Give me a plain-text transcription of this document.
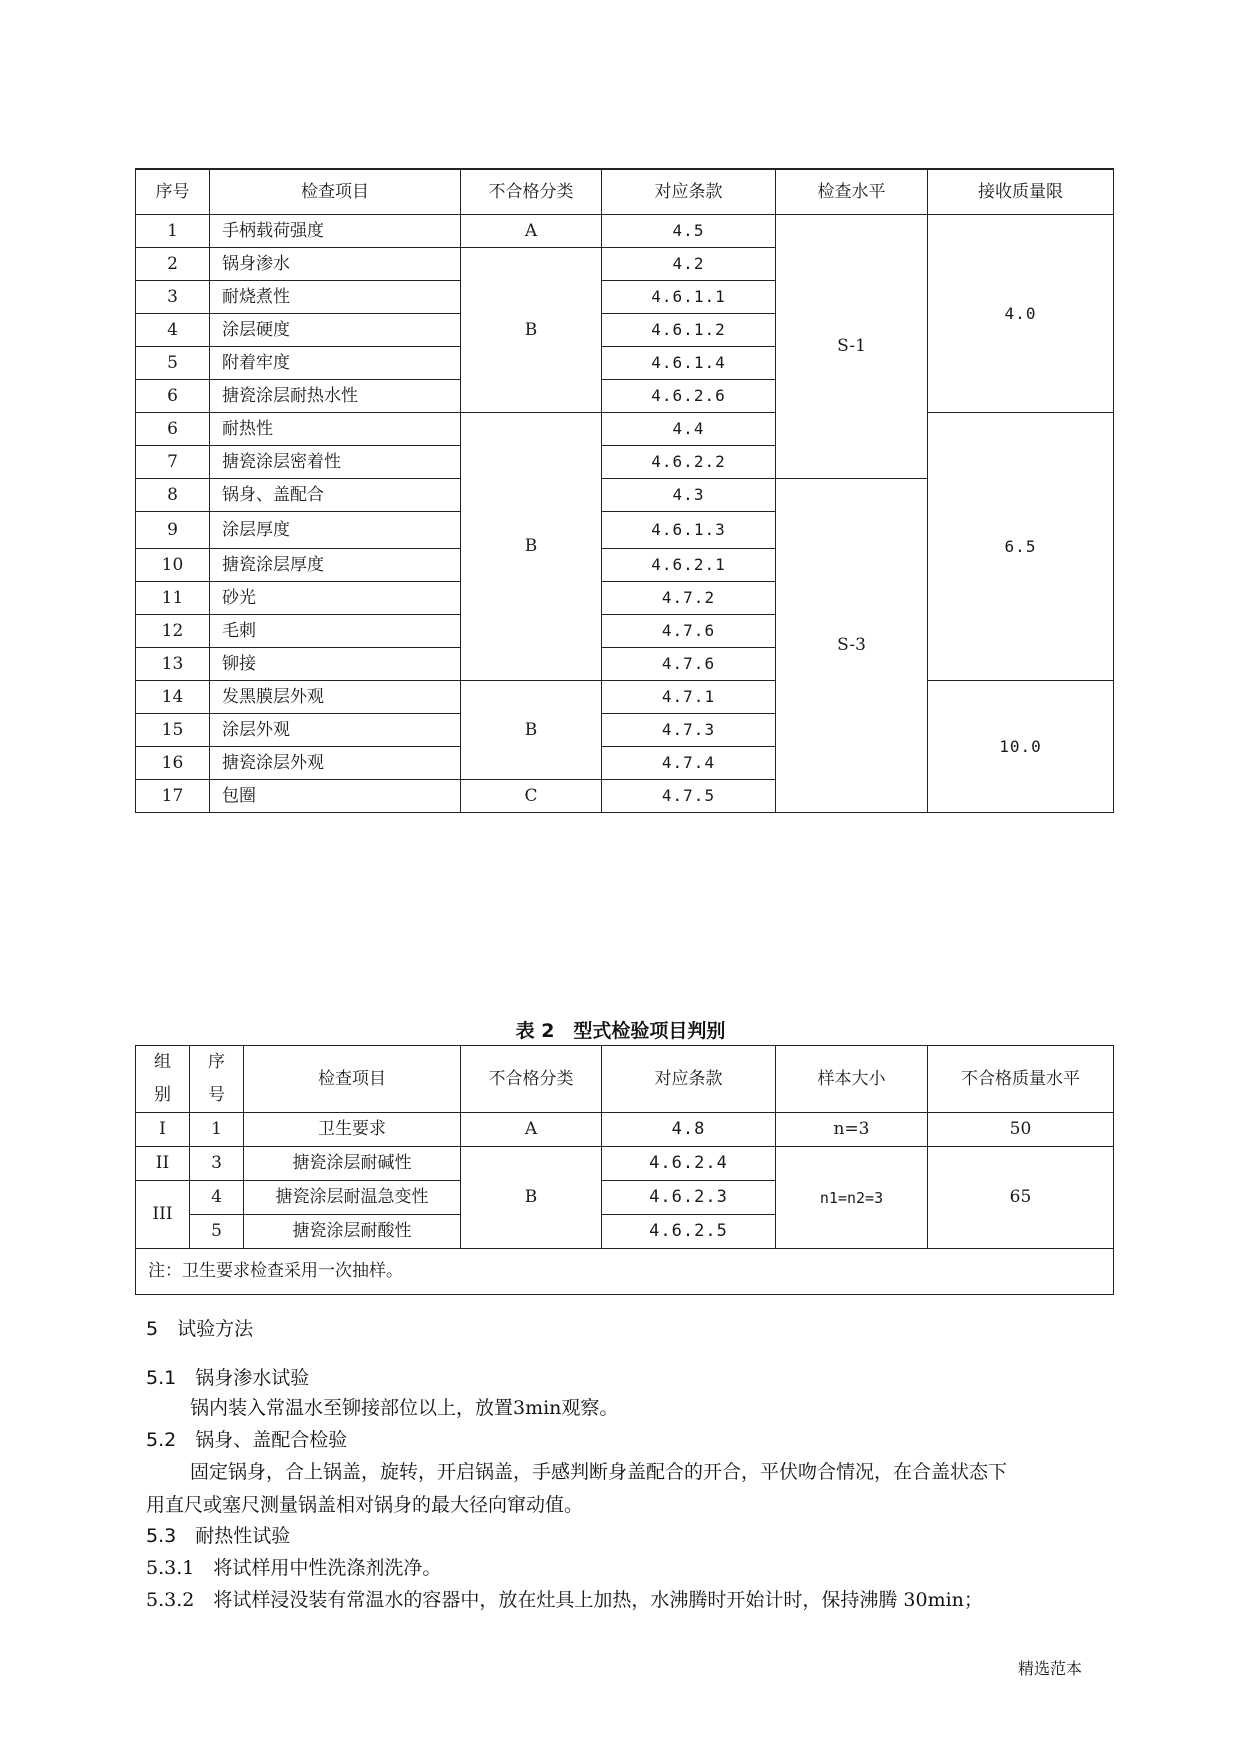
序号	检查项目	不合格分类	对应条款	检查水平	接收质量限
1	手柄载荷强度	A	4.5	S-1	4.0
2	锅身渗水	B	4.2		
3	耐烧煮性		4.6.1.1		
4	涂层硬度		4.6.1.2		
5	附着牢度		4.6.1.4		
6	搪瓷涂层耐热水性		4.6.2.6		
6	耐热性	B	4.4		6.5
7	搪瓷涂层密着性		4.6.2.2		
8	锅身、盖配合		4.3	S-3	
9	涂层厚度		4.6.1.3		
10	搪瓷涂层厚度		4.6.2.1		
11	砂光		4.7.2		
12	毛刺		4.7.6		
13	铆接		4.7.6		
14	发黑膜层外观	B	4.7.1		10.0
15	涂层外观		4.7.3		
16	搪瓷涂层外观		4.7.4		
17	包圈	C	4.7.5		
表 2　型式检验项目判别
组别	序号	检查项目	不合格分类	对应条款	样本大小	不合格质量水平
I	1	卫生要求	A	4.8	n=3	50
II	3	搪瓷涂层耐碱性	B	4.6.2.4	n1=n2=3	65
III	4	搪瓷涂层耐温急变性		4.6.2.3		
	5	搪瓷涂层耐酸性		4.6.2.5		
注：卫生要求检查采用一次抽样。						
5　试验方法
5.1　锅身渗水试验
锅内装入常温水至铆接部位以上，放置3min观察。
5.2　锅身、盖配合检验
固定锅身，合上锅盖，旋转，开启锅盖，手感判断身盖配合的开合，平伏吻合情况，在合盖状态下
用直尺或塞尺测量锅盖相对锅身的最大径向窜动值。
5.3　耐热性试验
5.3.1　将试样用中性洗涤剂洗净。
5.3.2　将试样浸没装有常温水的容器中，放在灶具上加热，水沸腾时开始计时，保持沸腾 30min；
精选范本
